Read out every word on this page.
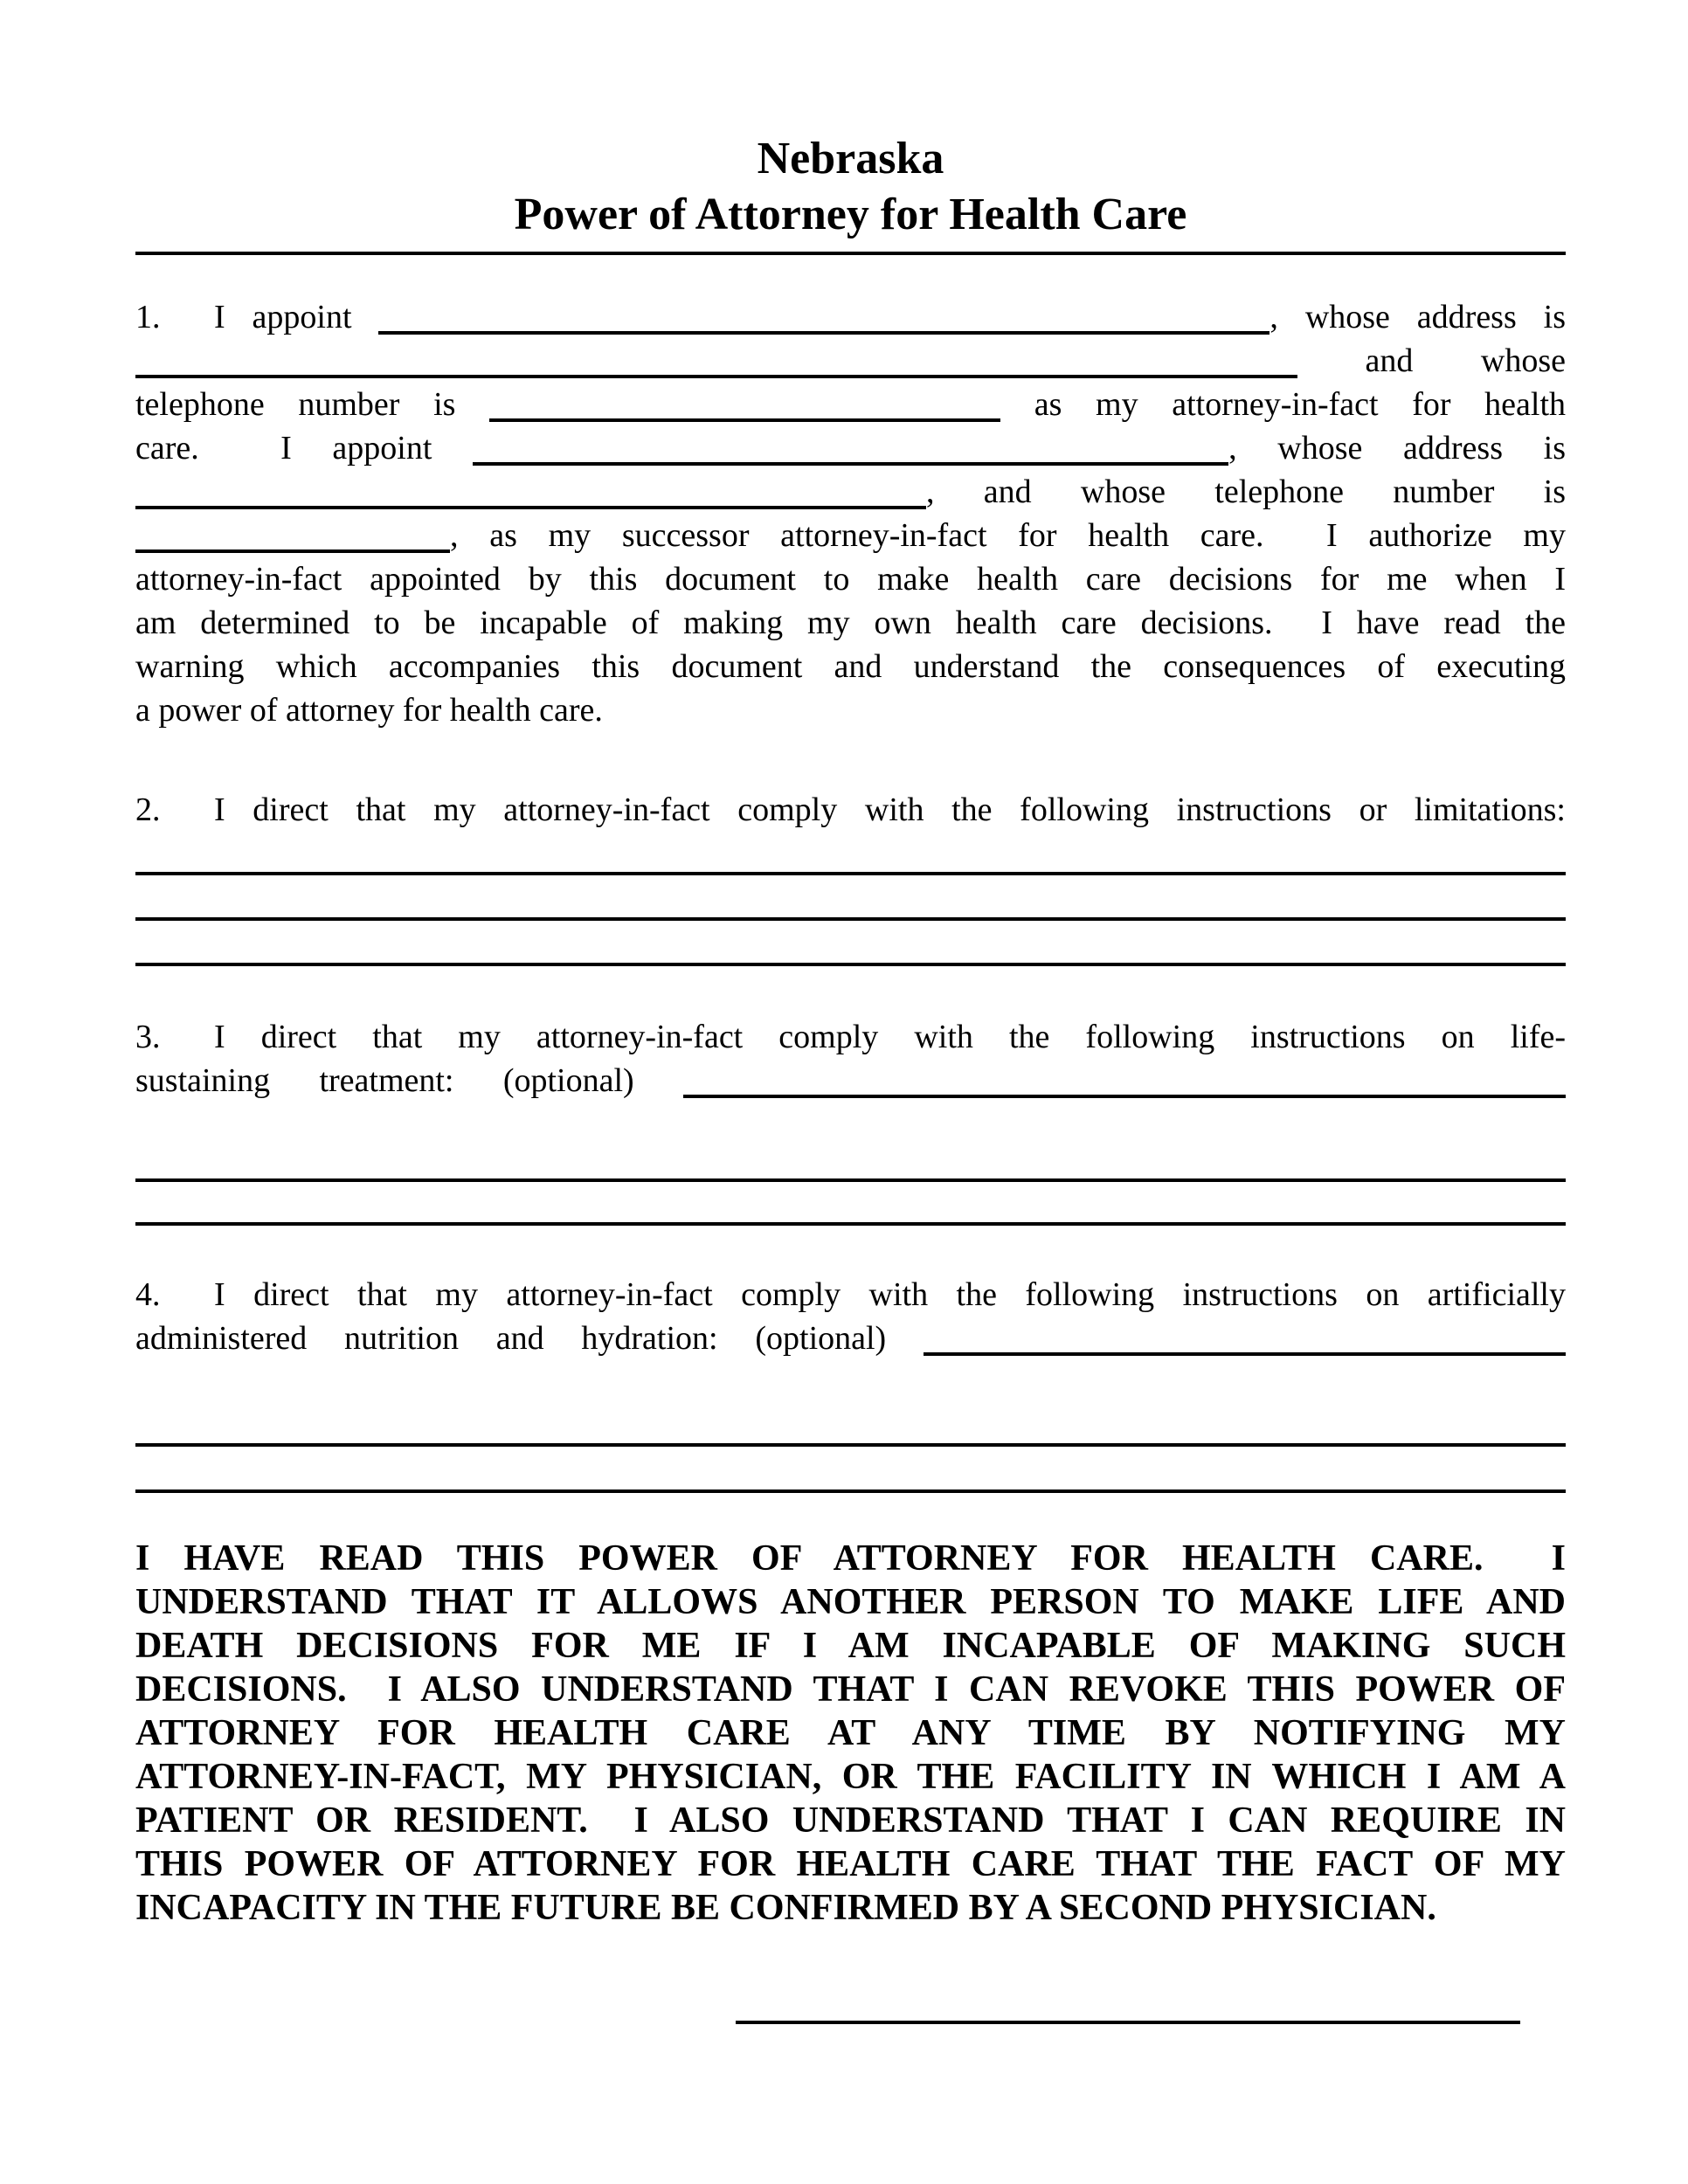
Nebraska
Power of Attorney for Health Care
1. I appoint	, whose address is
and whose
telephone number is	as my attorney-in-fact for health
care.  I appoint	, whose address is
, and whose telephone number is
, as my successor attorney-in-fact for health care.  I authorize my
attorney-in-fact appointed by this document to make health care decisions for me when I
am determined to be incapable of making my own health care decisions.  I have read the
warning which accompanies this document and understand the consequences of executing
a power of attorney for health care.
2. I direct that my attorney-in-fact comply with the following instructions or limitations:
3. I direct that my attorney-in-fact comply with the following instructions on life-
sustaining treatment: (optional)
4. I direct that my attorney-in-fact comply with the following instructions on artificially
administered nutrition and hydration: (optional)
I HAVE READ THIS POWER OF ATTORNEY FOR HEALTH CARE.  I
UNDERSTAND THAT IT ALLOWS ANOTHER PERSON TO MAKE LIFE AND
DEATH DECISIONS FOR ME IF I AM INCAPABLE OF MAKING SUCH
DECISIONS.  I ALSO UNDERSTAND THAT I CAN REVOKE THIS POWER OF
ATTORNEY FOR HEALTH CARE AT ANY TIME BY NOTIFYING MY
ATTORNEY-IN-FACT, MY PHYSICIAN, OR THE FACILITY IN WHICH I AM A
PATIENT OR RESIDENT.  I ALSO UNDERSTAND THAT I CAN REQUIRE IN
THIS POWER OF ATTORNEY FOR HEALTH CARE THAT THE FACT OF MY
INCAPACITY IN THE FUTURE BE CONFIRMED BY A SECOND PHYSICIAN.
